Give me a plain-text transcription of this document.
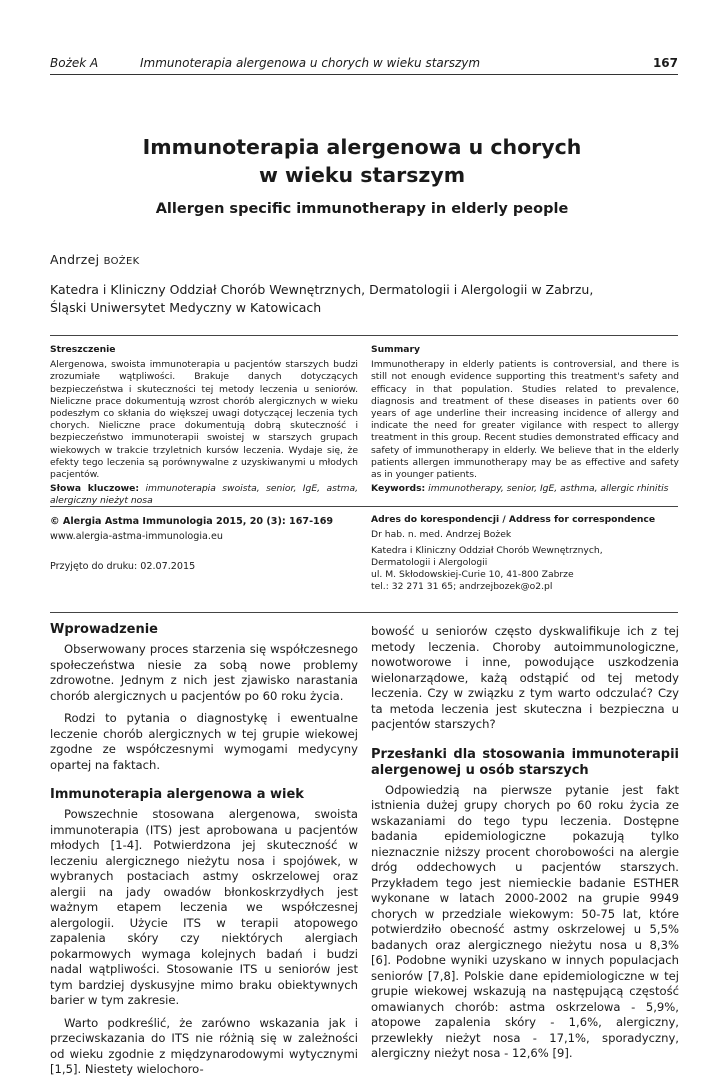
Bożek A	Immunoterapia alergenowa u chorych w wieku starszym	167
Immunoterapia alergenowa u chorych
w wieku starszym
Allergen specific immunotherapy in elderly people
Andrzej BOŻEK
Katedra i Kliniczny Oddział Chorób Wewnętrznych, Dermatologii i Alergologii w Zabrzu,
Śląski Uniwersytet Medyczny w Katowicach
Streszczenie
Alergenowa, swoista immunoterapia u pacjentów starszych budzi zrozumiałe wątpliwości. Brakuje danych dotyczących bezpieczeństwa i skuteczności tej metody leczenia u seniorów. Nieliczne prace dokumentują wzrost chorób alergicznych w wieku podeszłym co skłania do większej uwagi dotyczącej leczenia tych chorych. Nieliczne prace dokumentują dobrą skuteczność i bezpieczeństwo immunoterapii swoistej w starszych grupach wiekowych w trakcie trzyletnich kursów leczenia. Wydaje się, że efekty tego leczenia są porównywalne z uzyskiwanymi u młodych pacjentów.
Słowa kluczowe: immunoterapia swoista, senior, IgE, astma, alergiczny nieżyt nosa
Summary
Immunotherapy in elderly patients is controversial, and there is still not enough evidence supporting this treatment's safety and efficacy in that population. Studies related to prevalence, diagnosis and treatment of these diseases in patients over 60 years of age underline their increasing incidence of allergy and indicate the need for greater vigilance with respect to allergy treatment in this group. Recent studies demonstrated efficacy and safety of immunotherapy in elderly. We believe that in the elderly patients allergen immunotherapy may be as effective and safety as in younger patients.
Keywords: immunotherapy, senior, IgE, asthma, allergic rhinitis
© Alergia Astma Immunologia 2015, 20 (3): 167-169
www.alergia-astma-immunologia.eu
Przyjęto do druku: 02.07.2015
Adres do korespondencji / Address for correspondence
Dr hab. n. med. Andrzej Bożek
Katedra i Kliniczny Oddział Chorób Wewnętrznych,
Dermatologii i Alergologii
ul. M. Skłodowskiej-Curie 10, 41-800 Zabrze
tel.: 32 271 31 65; andrzejbozek@o2.pl
Wprowadzenie

Obserwowany proces starzenia się współczesnego społeczeństwa niesie za sobą nowe problemy zdrowotne. Jednym z nich jest zjawisko narastania chorób alergicznych u pacjentów po 60 roku życia.

Rodzi to pytania o diagnostykę i ewentualne leczenie chorób alergicznych w tej grupie wiekowej zgodne ze współczesnymi wymogami medycyny opartej na faktach.

Immunoterapia alergenowa a wiek

Powszechnie stosowana alergenowa, swoista immunoterapia (ITS) jest aprobowana u pacjentów młodych [1-4]. Potwierdzona jej skuteczność w leczeniu alergicznego nieżytu nosa i spojówek, w wybranych postaciach astmy oskrzelowej oraz alergii na jady owadów błonkoskrzydłych jest ważnym etapem leczenia we współczesnej alergologii. Użycie ITS w terapii atopowego zapalenia skóry czy niektórych alergiach pokarmowych wymaga kolejnych badań i budzi nadal wątpliwości. Stosowanie ITS u seniorów jest tym bardziej dyskusyjne mimo braku obiektywnych barier w tym zakresie.

Warto podkreślić, że zarówno wskazania jak i przeciwskazania do ITS nie różnią się w zależności od wieku zgodnie z międzynarodowymi wytycznymi [1,5]. Niestety wielochoro-

bowość u seniorów często dyskwalifikuje ich z tej metody leczenia. Choroby autoimmunologiczne, nowotworowe i inne, powodujące uszkodzenia wielonarządowe, każą odstąpić od tej metody leczenia. Czy w związku z tym warto odczulać? Czy ta metoda leczenia jest skuteczna i bezpieczna u pacjentów starszych?

Przesłanki dla stosowania immunoterapii alergenowej u osób starszych

Odpowiedzią na pierwsze pytanie jest fakt istnienia dużej grupy chorych po 60 roku życia ze wskazaniami do tego typu leczenia. Dostępne badania epidemiologiczne pokazują tylko nieznacznie niższy procent chorobowości na alergie dróg oddechowych u pacjentów starszych. Przykładem tego jest niemieckie badanie ESTHER wykonane w latach 2000-2002 na grupie 9949 chorych w przedziale wiekowym: 50-75 lat, które potwierdziło obecność astmy oskrzelowej u 5,5% badanych oraz alergicznego nieżytu nosa u 8,3% [6]. Podobne wyniki uzyskano w innych populacjach seniorów [7,8]. Polskie dane epidemiologiczne w tej grupie wiekowej wskazują na następującą częstość omawianych chorób: astma oskrzelowa - 5,9%, atopowe zapalenia skóry - 1,6%, alergiczny, przewlekły nieżyt nosa - 17,1%, sporadyczny, alergiczny nieżyt nosa - 12,6% [9].
